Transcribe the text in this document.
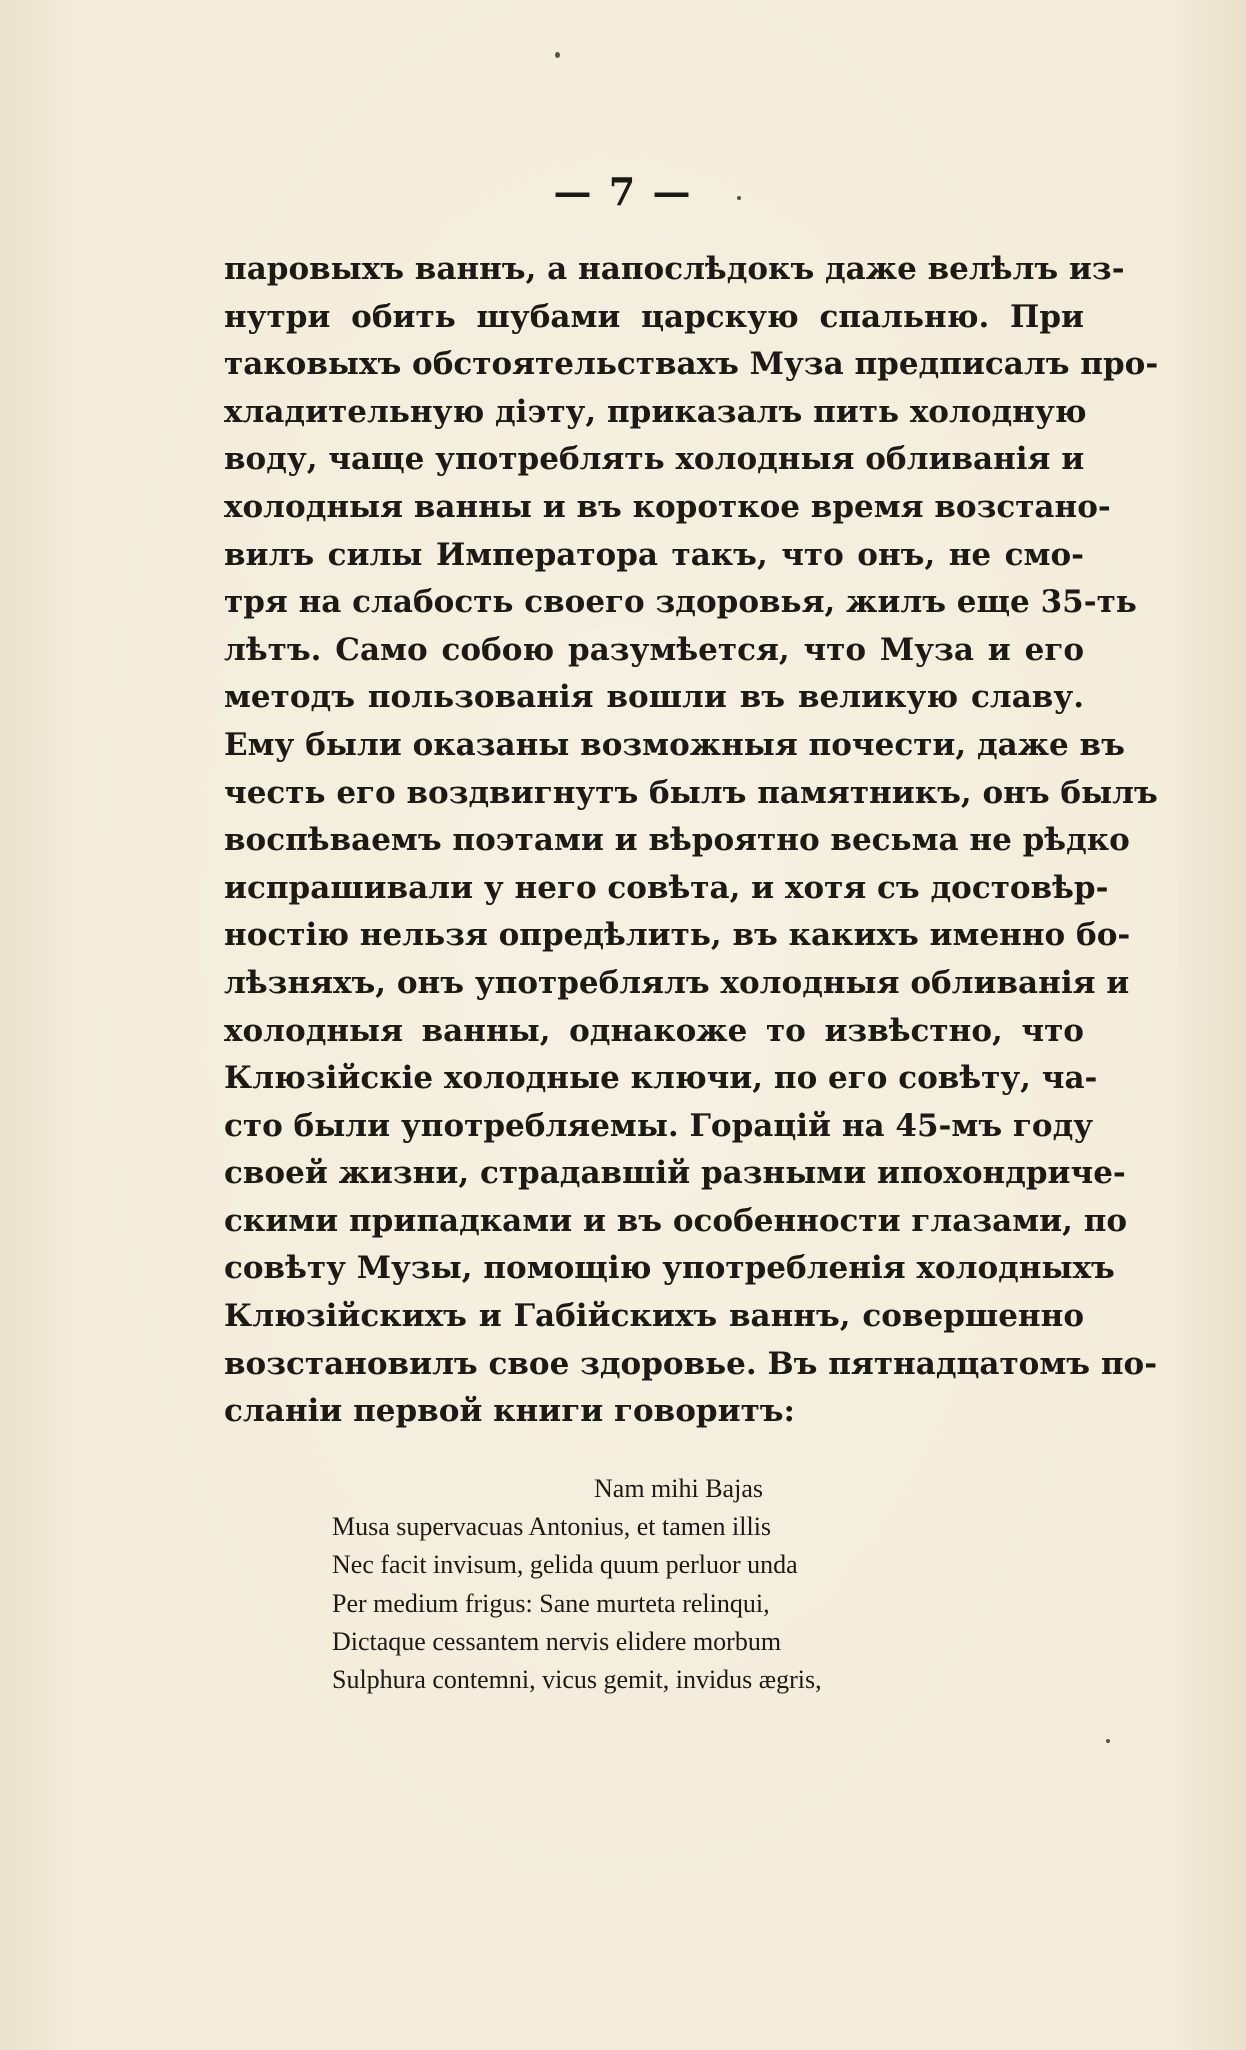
— 7 —
паровыхъ ваннъ, а напослѣдокъ даже велѣлъ из-
нутри обить шубами царскую спальню. При
таковыхъ обстоятельствахъ Муза предписалъ про-
хладительную діэту, приказалъ пить холодную
воду, чаще употреблять холодныя обливанія и
холодныя ванны и въ короткое время возстано-
вилъ силы Императора такъ, что онъ, не смо-
тря на слабость своего здоровья, жилъ еще 35-ть
лѣтъ. Само собою разумѣется, что Муза и его
методъ пользованія вошли въ великую славу.
Ему были оказаны возможныя почести, даже въ
честь его воздвигнутъ былъ памятникъ, онъ былъ
воспѣваемъ поэтами и вѣроятно весьма не рѣдко
испрашивали у него совѣта, и хотя съ достовѣр-
ностію нельзя опредѣлить, въ какихъ именно бо-
лѣзняхъ, онъ употреблялъ холодныя обливанія и
холодныя ванны, однакоже то извѣстно, что
Клюзійскіе холодные ключи, по его совѣту, ча-
сто были употребляемы. Горацій на 45-мъ году
своей жизни, страдавшій разными ипохондриче-
скими припадками и въ особенности глазами, по
совѣту Музы, помощію употребленія холодныхъ
Клюзійскихъ и Габійскихъ ваннъ, совершенно
возстановилъ свое здоровье. Въ пятнадцатомъ по-
сланіи первой книги говоритъ:
Nam mihi Bajas
Musa supervacuas Antonius, et tamen illis
Nec facit invisum, gelida quum perluor unda
Per medium frigus: Sane murteta relinqui,
Dictaque cessantem nervis elidere morbum
Sulphura contemni, vicus gemit, invidus ægris,
